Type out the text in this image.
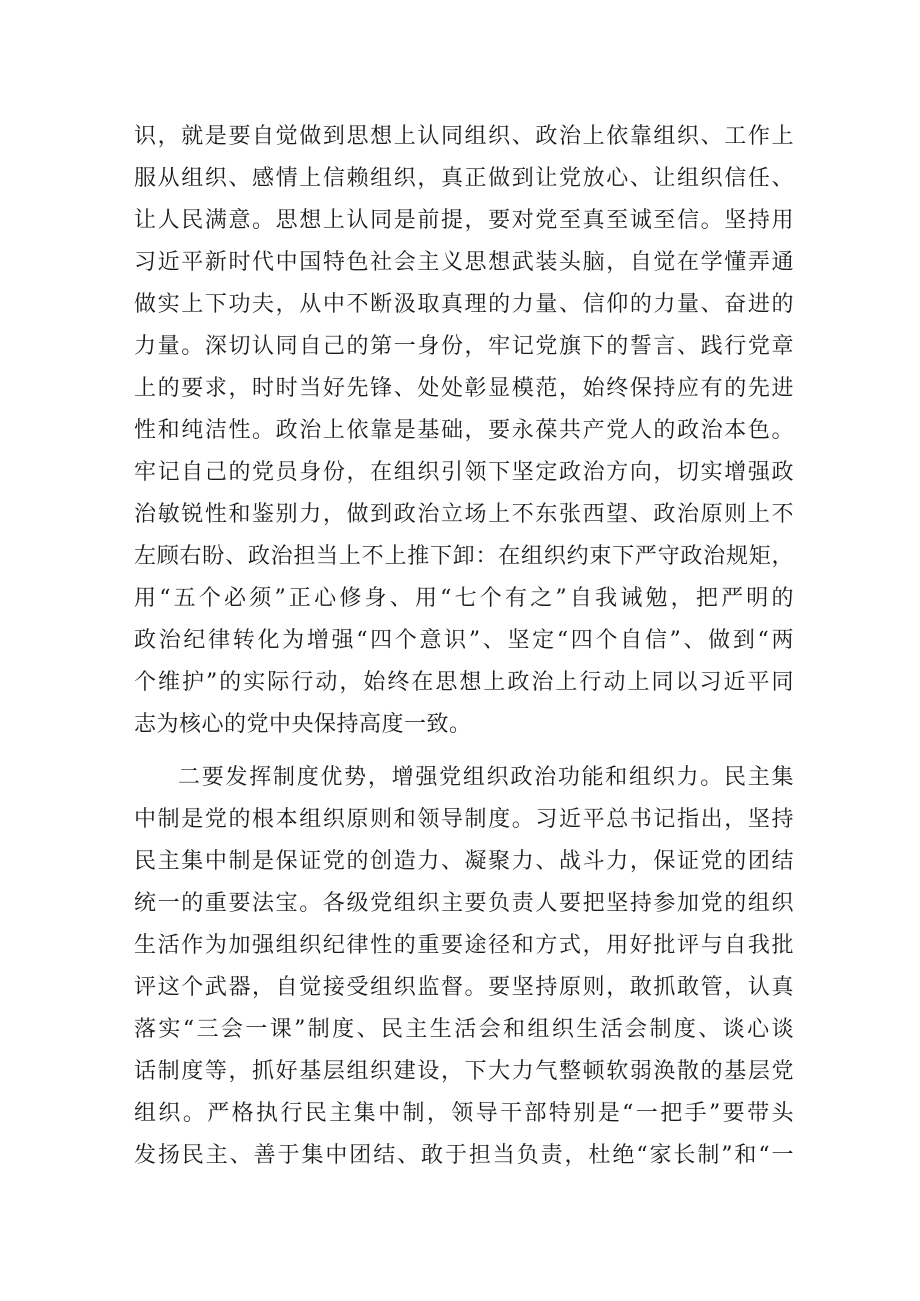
识，就是要自觉做到思想上认同组织、政治上依靠组织、工作上
服从组织、感情上信赖组织，真正做到让党放心、让组织信任、
让人民满意。思想上认同是前提，要对党至真至诚至信。坚持用
习近平新时代中国特色社会主义思想武装头脑，自觉在学懂弄通
做实上下功夫，从中不断汲取真理的力量、信仰的力量、奋进的
力量。深切认同自己的第一身份，牢记党旗下的誓言、践行党章
上的要求，时时当好先锋、处处彰显模范，始终保持应有的先进
性和纯洁性。政治上依靠是基础，要永葆共产党人的政治本色。
牢记自己的党员身份，在组织引领下坚定政治方向，切实增强政
治敏锐性和鉴别力，做到政治立场上不东张西望、政治原则上不
左顾右盼、政治担当上不上推下卸：在组织约束下严守政治规矩，
用“五个必须”正心修身、用“七个有之”自我诫勉，把严明的
政治纪律转化为增强“四个意识”、坚定“四个自信”、做到“两
个维护”的实际行动，始终在思想上政治上行动上同以习近平同
志为核心的党中央保持高度一致。
二要发挥制度优势，增强党组织政治功能和组织力。民主集
中制是党的根本组织原则和领导制度。习近平总书记指出，坚持
民主集中制是保证党的创造力、凝聚力、战斗力，保证党的团结
统一的重要法宝。各级党组织主要负责人要把坚持参加党的组织
生活作为加强组织纪律性的重要途径和方式，用好批评与自我批
评这个武器，自觉接受组织监督。要坚持原则，敢抓敢管，认真
落实“三会一课”制度、民主生活会和组织生活会制度、谈心谈
话制度等，抓好基层组织建设，下大力气整顿软弱涣散的基层党
组织。严格执行民主集中制，领导干部特别是“一把手”要带头
发扬民主、善于集中团结、敢于担当负责，杜绝“家长制”和“一
